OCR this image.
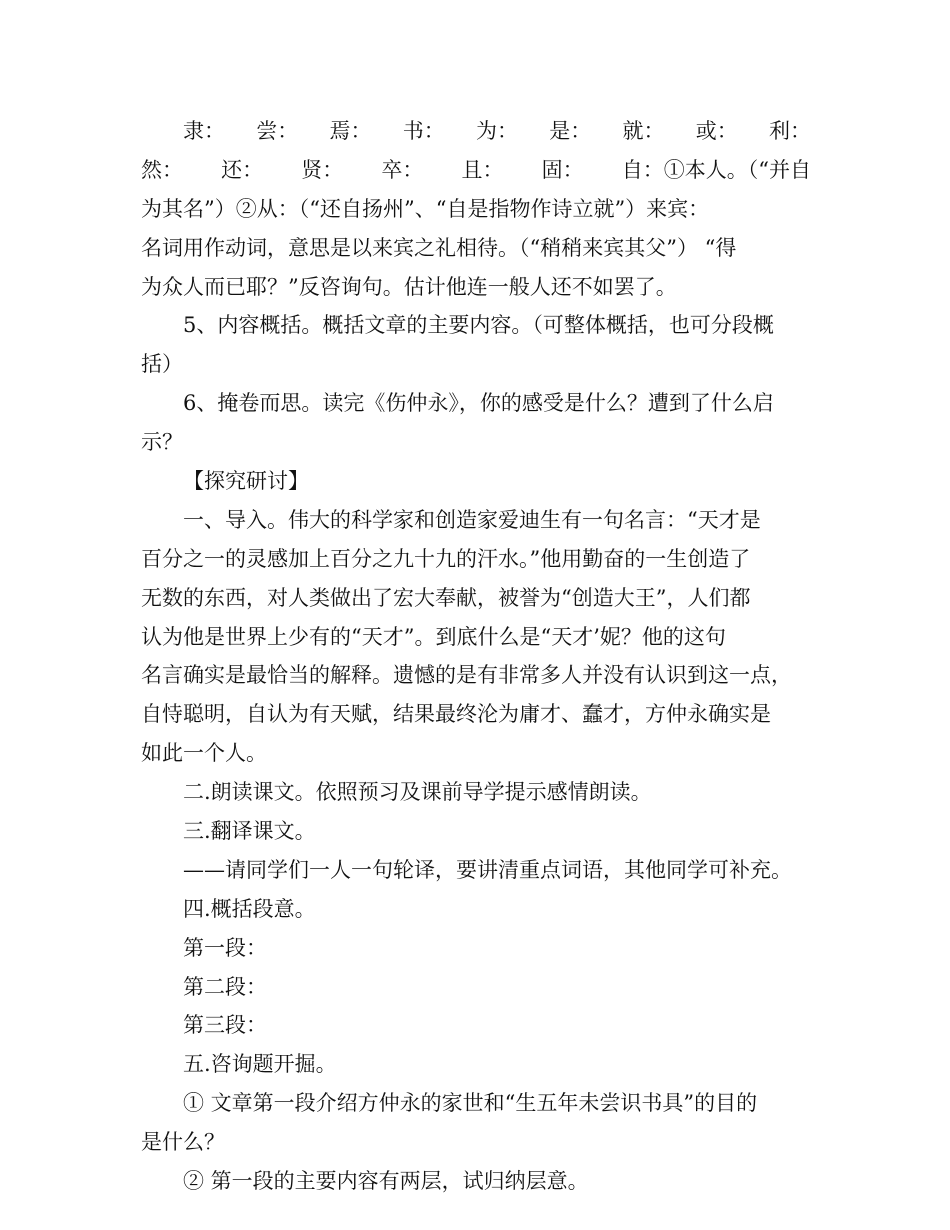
隶： 尝： 焉： 书： 为： 是： 就： 或： 利：
然： 还： 贤： 卒： 且： 固： 自：①本人。（“并自
为其名”）②从：（“还自扬州”、“自是指物作诗立就”）来宾：
名词用作动词，意思是以来宾之礼相待。（“稍稍来宾其父”） “得
为众人而已耶？”反咨询句。估计他连一般人还不如罢了。
5、内容概括。概括文章的主要内容。（可整体概括，也可分段概
括）
6、掩卷而思。读完《伤仲永》，你的感受是什么？遭到了什么启
示？
【探究研讨】
一、导入。伟大的科学家和创造家爱迪生有一句名言：“天才是
百分之一的灵感加上百分之九十九的汗水。”他用勤奋的一生创造了
无数的东西，对人类做出了宏大奉献，被誉为“创造大王”，人们都
认为他是世界上少有的“天才”。到底什么是“天才’妮？他的这句
名言确实是最恰当的解释。遗憾的是有非常多人并没有认识到这一点，
自恃聪明，自认为有天赋，结果最终沦为庸才、蠢才，方仲永确实是
如此一个人。
二.朗读课文。依照预习及课前导学提示感情朗读。
三.翻译课文。
——请同学们一人一句轮译，要讲清重点词语，其他同学可补充。
四.概括段意。
第一段：
第二段：
第三段：
五.咨询题开掘。
① 文章第一段介绍方仲永的家世和“生五年未尝识书具”的目的
是什么？
② 第一段的主要内容有两层，试归纳层意。
